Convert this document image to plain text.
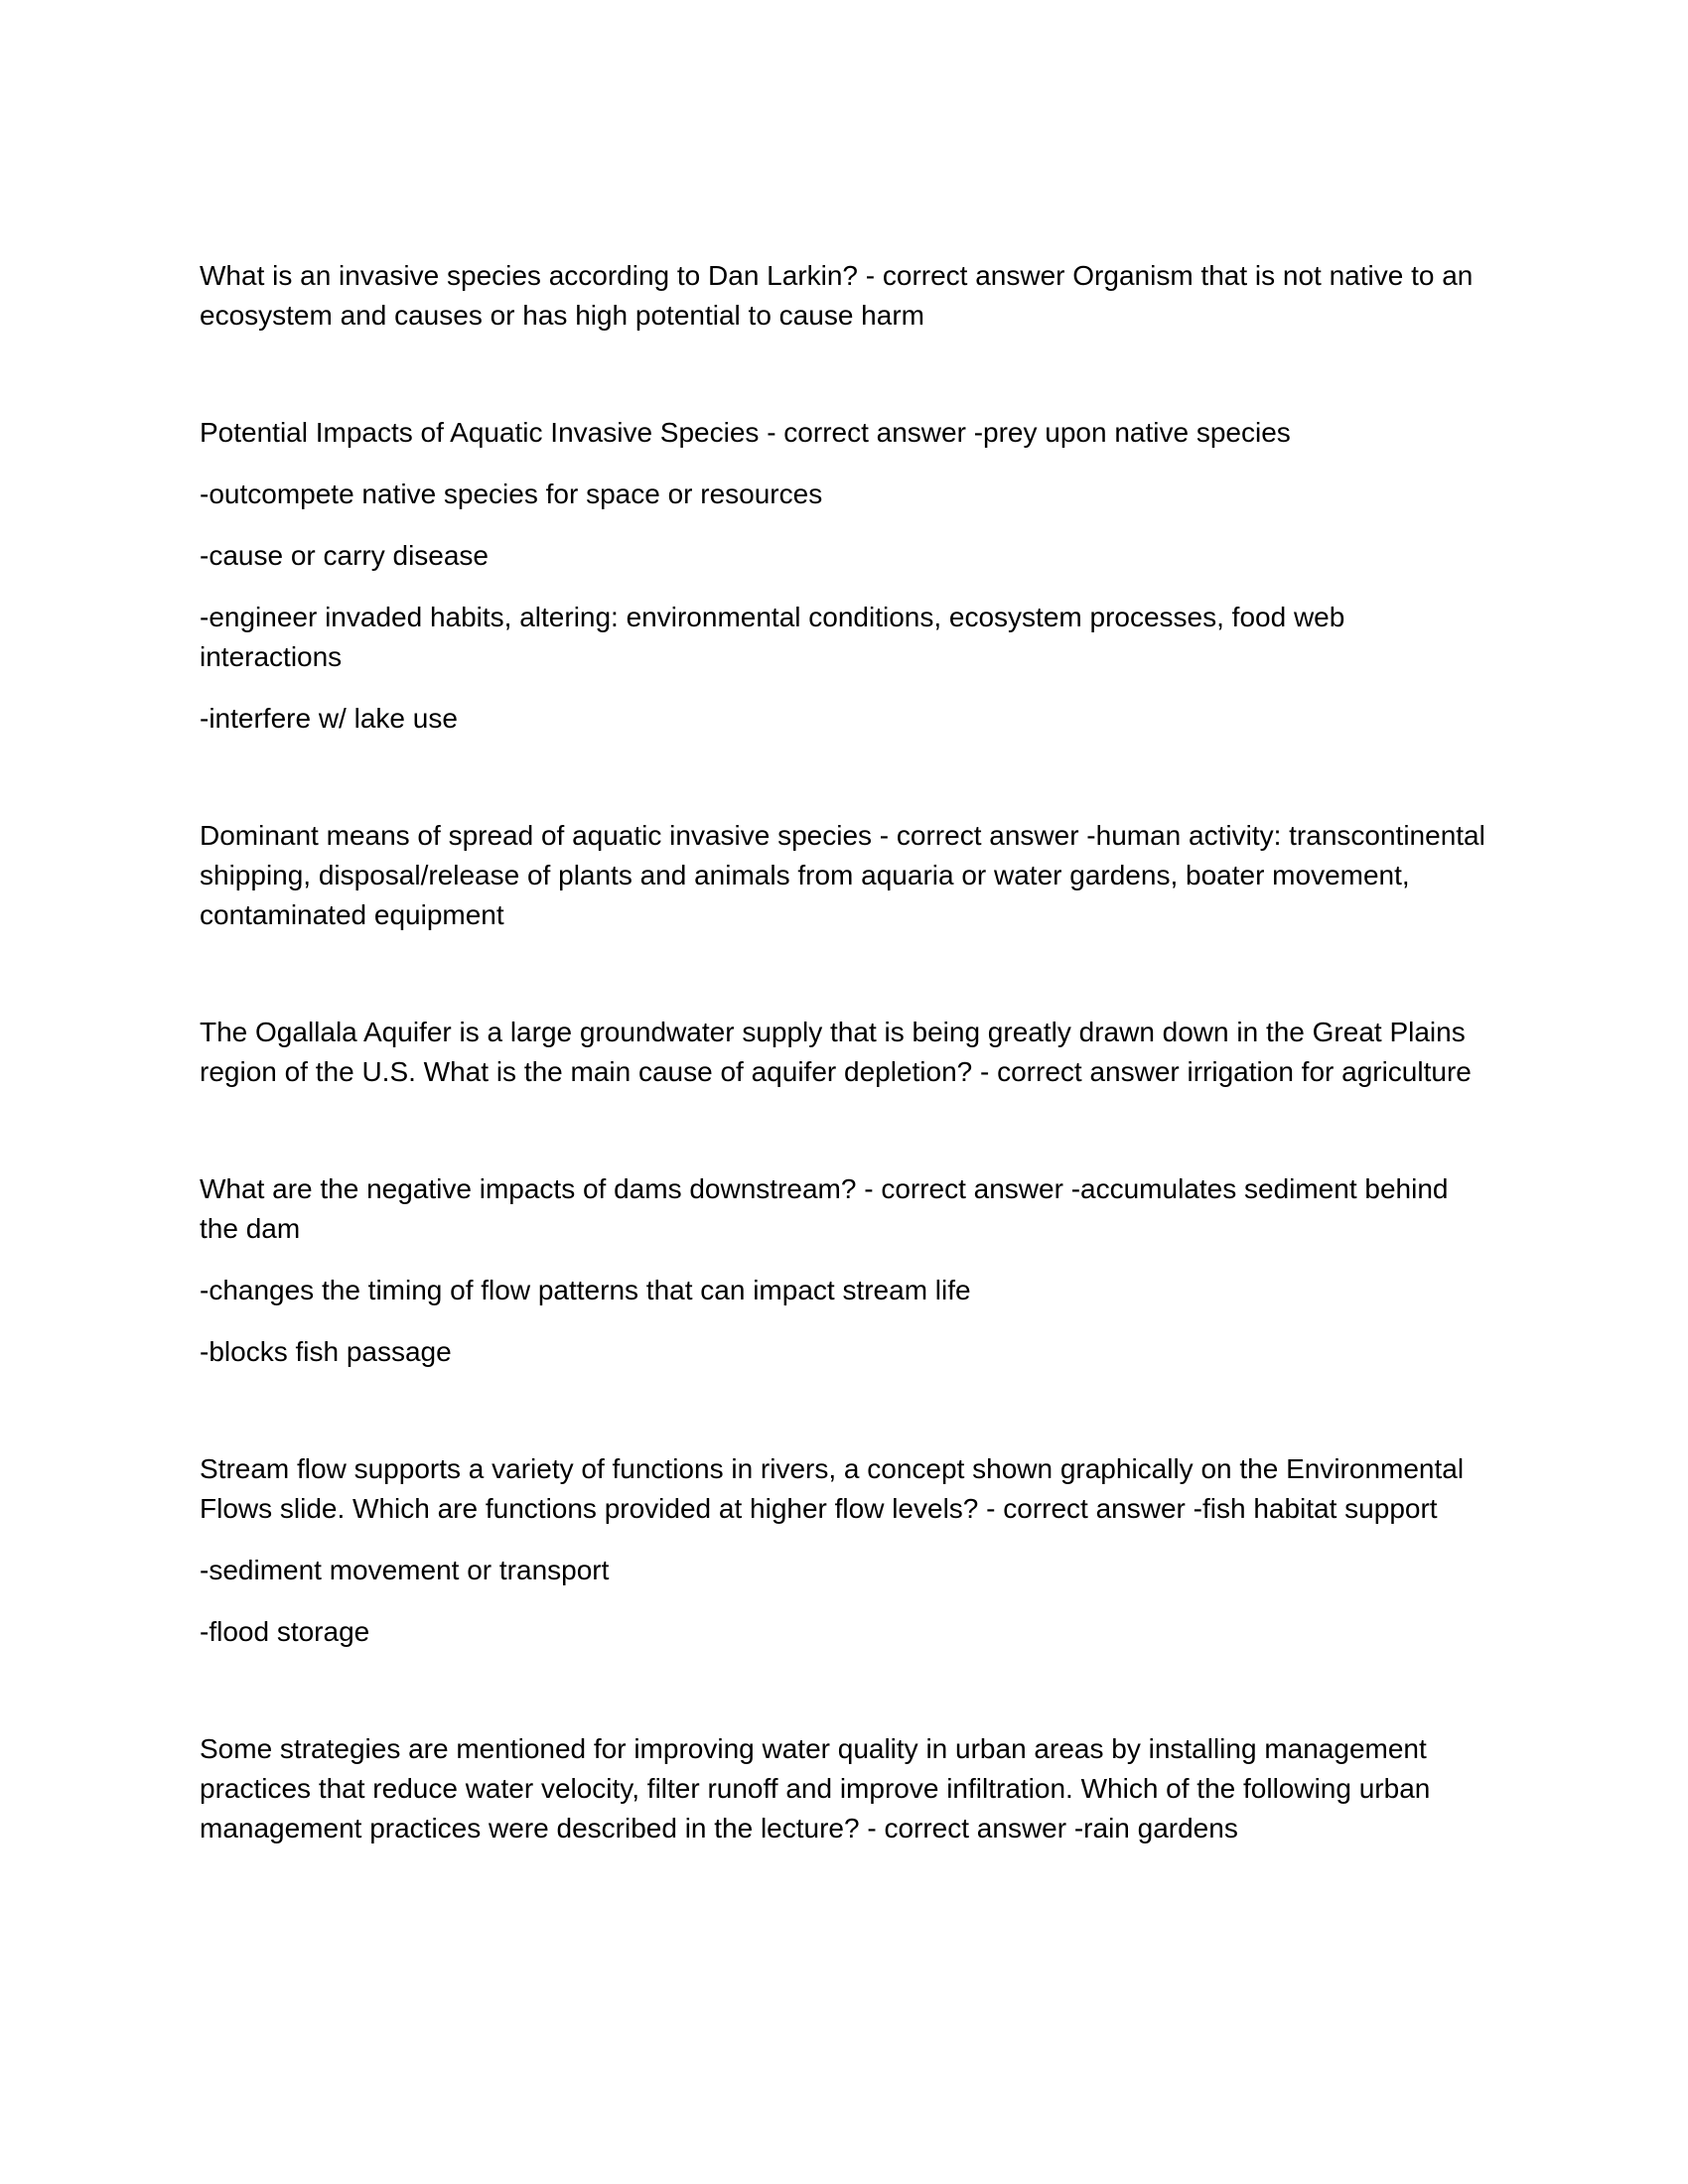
What is an invasive species according to Dan Larkin? - correct answer Organism that is not native to an ecosystem and causes or has high potential to cause harm

Potential Impacts of Aquatic Invasive Species - correct answer -prey upon native species

-outcompete native species for space or resources

-cause or carry disease

-engineer invaded habits, altering: environmental conditions, ecosystem processes, food web interactions

-interfere w/ lake use

Dominant means of spread of aquatic invasive species - correct answer -human activity: transcontinental shipping, disposal/release of plants and animals from aquaria or water gardens, boater movement, contaminated equipment

The Ogallala Aquifer is a large groundwater supply that is being greatly drawn down in the Great Plains region of the U.S. What is the main cause of aquifer depletion? - correct answer irrigation for agriculture

What are the negative impacts of dams downstream? - correct answer -accumulates sediment behind the dam

-changes the timing of flow patterns that can impact stream life

-blocks fish passage

Stream flow supports a variety of functions in rivers, a concept shown graphically on the Environmental Flows slide. Which are functions provided at higher flow levels? - correct answer -fish habitat support

-sediment movement or transport

-flood storage

Some strategies are mentioned for improving water quality in urban areas by installing management practices that reduce water velocity, filter runoff and improve infiltration. Which of the following urban management practices were described in the lecture? - correct answer -rain gardens
